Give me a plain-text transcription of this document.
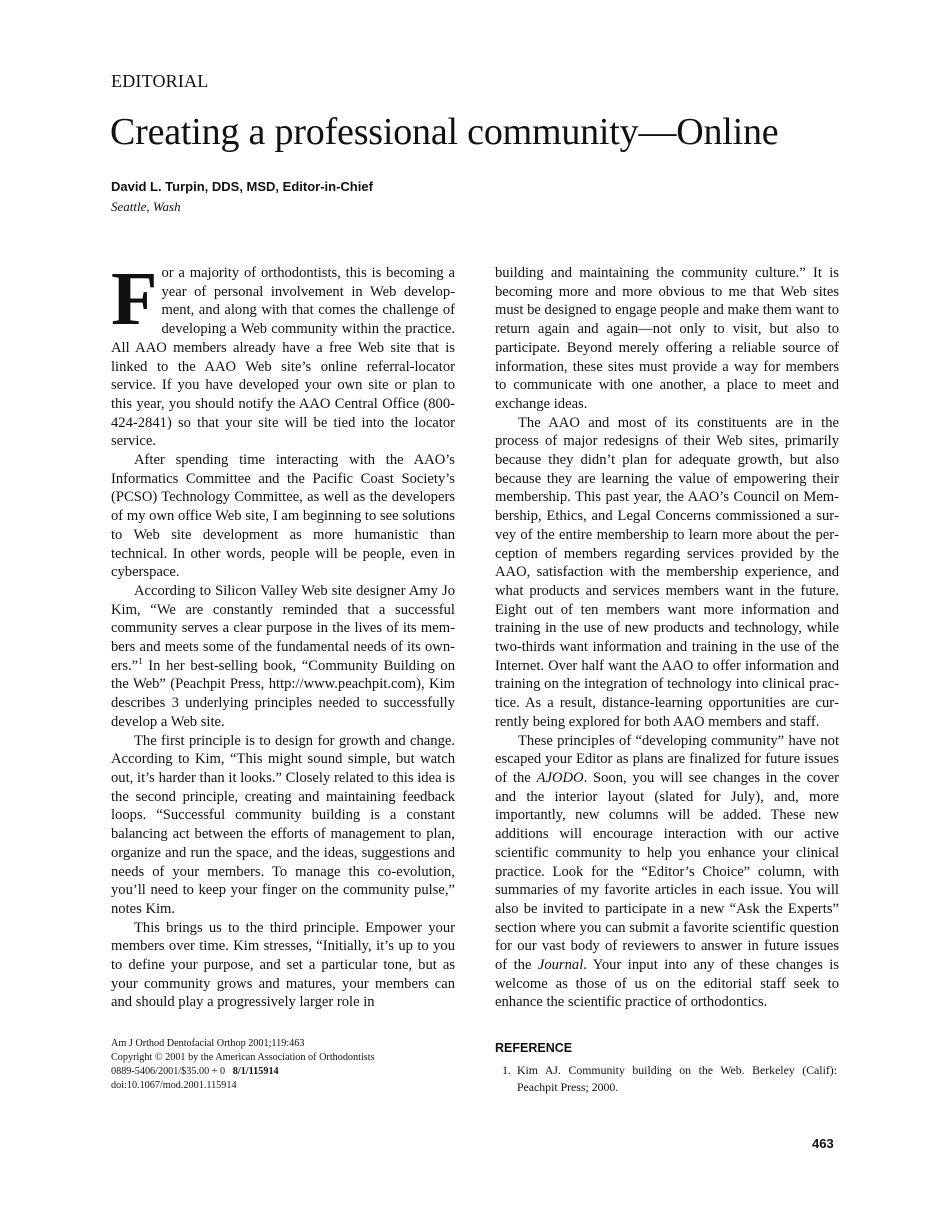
EDITORIAL
Creating a professional community—Online
David L. Turpin, DDS, MSD, Editor-in-Chief
Seattle, Wash

For a majority of orthodontists, this is becoming a year of personal involvement in Web development, and along with that comes the challenge of developing a Web community within the practice. All AAO members already have a free Web site that is linked to the AAO Web site’s online referral-locator service. If you have developed your own site or plan to this year, you should notify the AAO Central Office (800-424-2841) so that your site will be tied into the locator service.

After spending time interacting with the AAO’s Informatics Committee and the Pacific Coast Society’s (PCSO) Technology Committee, as well as the developers of my own office Web site, I am beginning to see solutions to Web site development as more humanistic than technical. In other words, people will be people, even in cyberspace.

According to Silicon Valley Web site designer Amy Jo Kim, “We are constantly reminded that a successful community serves a clear purpose in the lives of its members and meets some of the fundamental needs of its owners.”$^1$ In her best-selling book, “Community Building on the Web” (Peachpit Press, http://www.peachpit.com), Kim describes 3 underlying principles needed to successfully develop a Web site.

The first principle is to design for growth and change. According to Kim, “This might sound simple, but watch out, it’s harder than it looks.” Closely related to this idea is the second principle, creating and maintaining feedback loops. “Successful community building is a constant balancing act between the efforts of management to plan, organize and run the space, and the ideas, suggestions and needs of your members. To manage this co-evolution, you’ll need to keep your finger on the community pulse,” notes Kim.

This brings us to the third principle. Empower your members over time. Kim stresses, “Initially, it’s up to you to define your purpose, and set a particular tone, but as your community grows and matures, your members can and should play a progressively larger role in

building and maintaining the community culture.” It is becoming more and more obvious to me that Web sites must be designed to engage people and make them want to return again and again—not only to visit, but also to participate. Beyond merely offering a reliable source of information, these sites must provide a way for members to communicate with one another, a place to meet and exchange ideas.

The AAO and most of its constituents are in the process of major redesigns of their Web sites, primarily because they didn’t plan for adequate growth, but also because they are learning the value of empowering their membership. This past year, the AAO’s Council on Membership, Ethics, and Legal Concerns commissioned a survey of the entire membership to learn more about the perception of members regarding services provided by the AAO, satisfaction with the membership experience, and what products and services members want in the future. Eight out of ten members want more information and training in the use of new products and technology, while two-thirds want information and training in the use of the Internet. Over half want the AAO to offer information and training on the integration of technology into clinical practice. As a result, distance-learning opportunities are currently being explored for both AAO members and staff.

These principles of “developing community” have not escaped your Editor as plans are finalized for future issues of the AJODO. Soon, you will see changes in the cover and the interior layout (slated for July), and, more importantly, new columns will be added. These new additions will encourage interaction with our active scientific community to help you enhance your clinical practice. Look for the “Editor’s Choice” column, with summaries of my favorite articles in each issue. You will also be invited to participate in a new “Ask the Experts” section where you can submit a favorite scientific question for our vast body of reviewers to answer in future issues of the Journal. Your input into any of these changes is welcome as those of us on the editorial staff seek to enhance the scientific practice of orthodontics.

Am J Orthod Dentofacial Orthop 2001;119:463
Copyright © 2001 by the American Association of Orthodontists
0889-5406/2001/$35.00 + 0 8/1/115914
doi:10.1067/mod.2001.115914
REFERENCE
1. Kim AJ. Community building on the Web. Berkeley (Calif): Peachpit Press; 2000.
463
